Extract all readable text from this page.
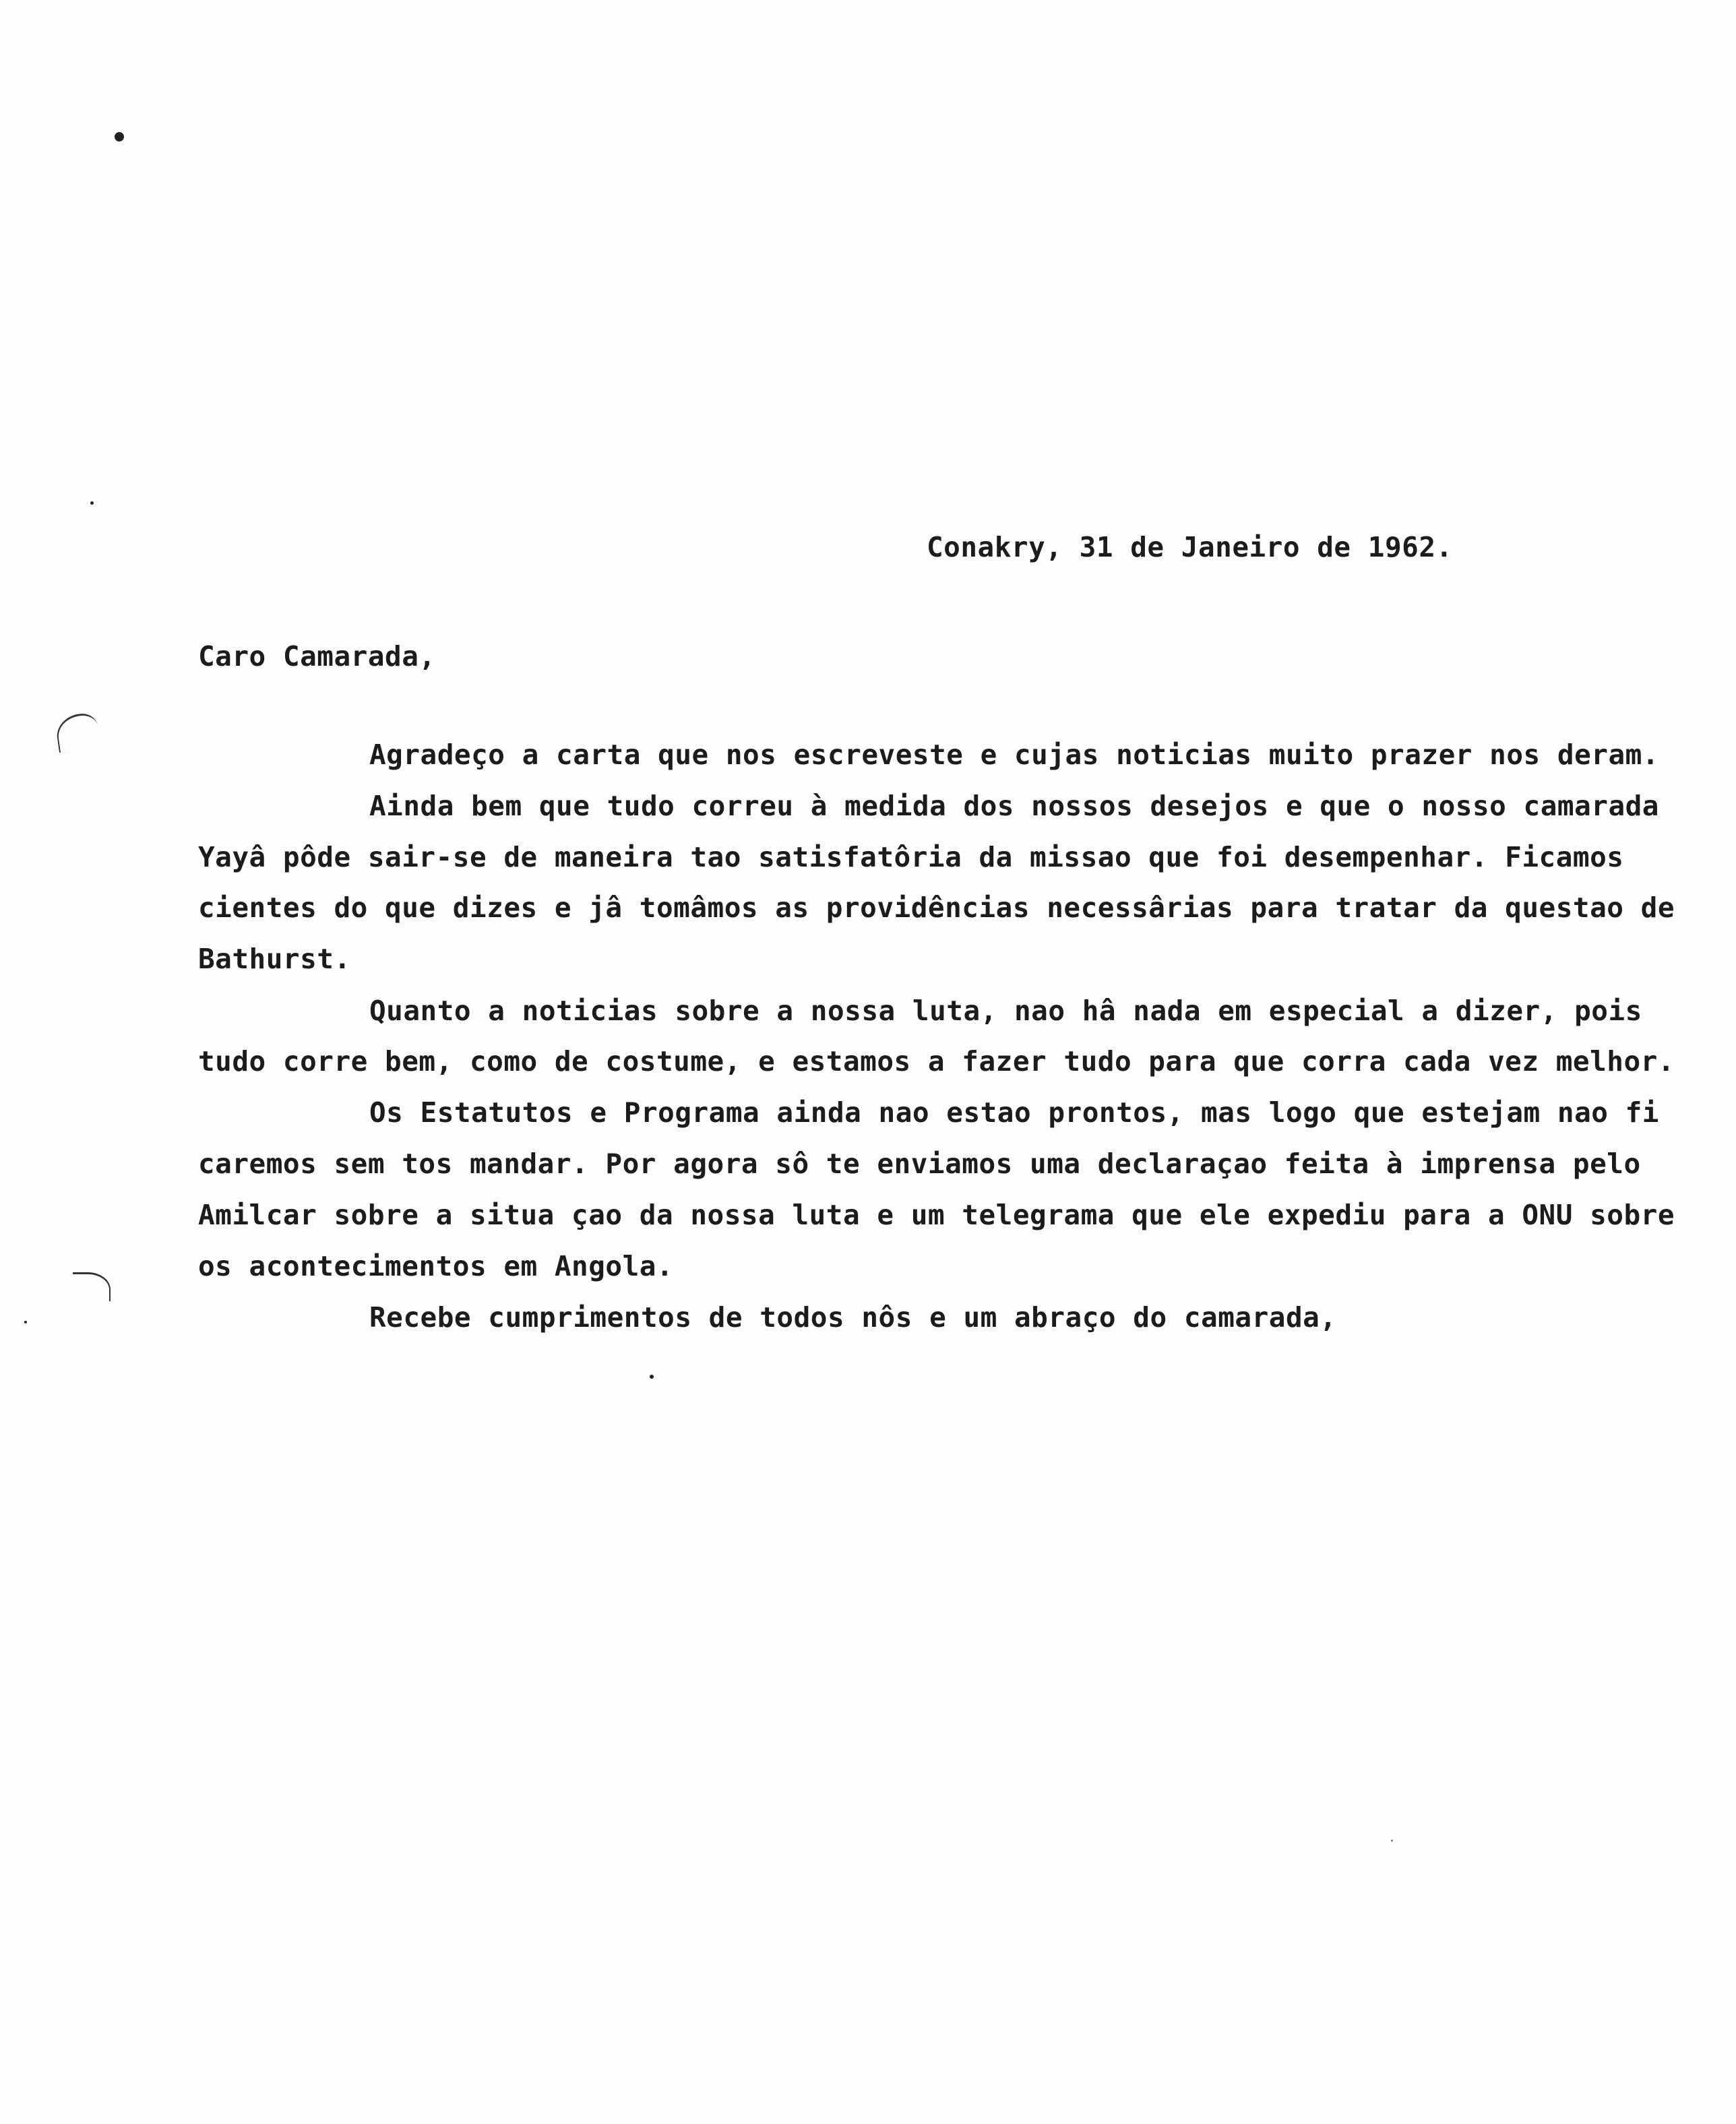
Conakry, 31 de Janeiro de 1962.
Caro Camarada,
Agradeço a carta que nos escreveste e cujas noticias muito prazer nos deram.
Ainda bem que tudo correu à medida dos nossos desejos e que o nosso camarada
Yayâ pôde sair-se de maneira tao satisfatôria da missao que foi desempenhar. Ficamos
cientes do que dizes e jâ tomâmos as providências necessârias para tratar da questao de
Bathurst.
Quanto a noticias sobre a nossa luta, nao hâ nada em especial a dizer, pois
tudo corre bem, como de costume, e estamos a fazer tudo para que corra cada vez melhor.
Os Estatutos e Programa ainda nao estao prontos, mas logo que estejam nao fi
caremos sem tos mandar. Por agora sô te enviamos uma declaraçao feita à imprensa pelo
Amilcar sobre a situa çao da nossa luta e um telegrama que ele expediu para a ONU sobre
os acontecimentos em Angola.
Recebe cumprimentos de todos nôs e um abraço do camarada,
